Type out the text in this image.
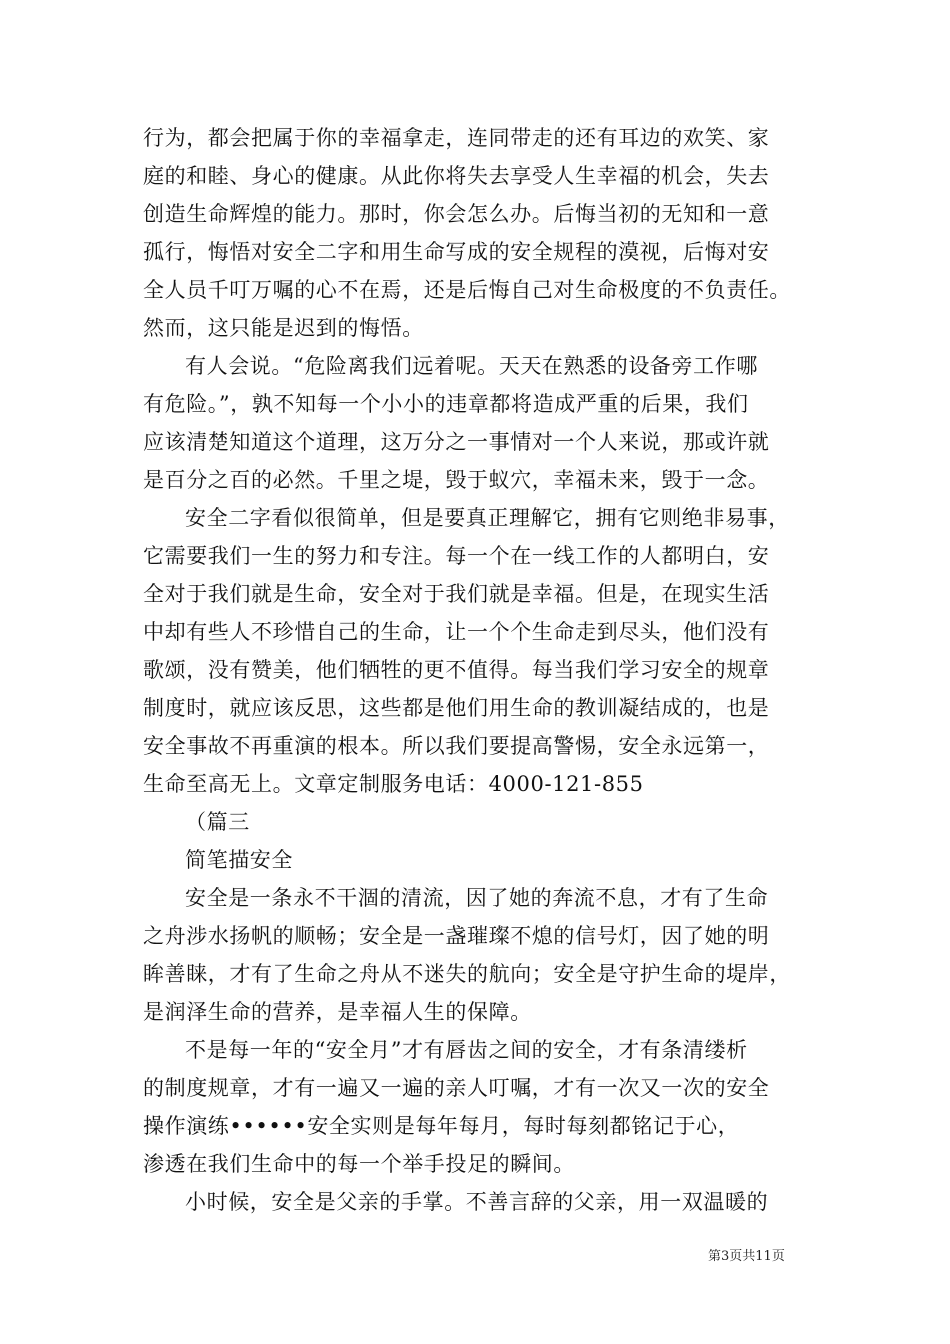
行为，都会把属于你的幸福拿走，连同带走的还有耳边的欢笑、家
庭的和睦、身心的健康。从此你将失去享受人生幸福的机会，失去
创造生命辉煌的能力。那时，你会怎么办。后悔当初的无知和一意
孤行，悔悟对安全二字和用生命写成的安全规程的漠视，后悔对安
全人员千叮万嘱的心不在焉，还是后悔自己对生命极度的不负责任。
然而，这只能是迟到的悔悟。
有人会说。“危险离我们远着呢。天天在熟悉的设备旁工作哪
有危险。”，孰不知每一个小小的违章都将造成严重的后果，我们
应该清楚知道这个道理，这万分之一事情对一个人来说，那或许就
是百分之百的必然。千里之堤，毁于蚁穴，幸福未来，毁于一念。
安全二字看似很简单，但是要真正理解它，拥有它则绝非易事，
它需要我们一生的努力和专注。每一个在一线工作的人都明白，安
全对于我们就是生命，安全对于我们就是幸福。但是，在现实生活
中却有些人不珍惜自己的生命，让一个个生命走到尽头，他们没有
歌颂，没有赞美，他们牺牲的更不值得。每当我们学习安全的规章
制度时，就应该反思，这些都是他们用生命的教训凝结成的，也是
安全事故不再重演的根本。所以我们要提高警惕，安全永远第一，
生命至高无上。文章定制服务电话：4000-121-855
（篇三
简笔描安全
安全是一条永不干涸的清流，因了她的奔流不息，才有了生命
之舟涉水扬帆的顺畅；安全是一盏璀璨不熄的信号灯，因了她的明
眸善睐，才有了生命之舟从不迷失的航向；安全是守护生命的堤岸，
是润泽生命的营养，是幸福人生的保障。
不是每一年的“安全月”才有唇齿之间的安全，才有条清缕析
的制度规章，才有一遍又一遍的亲人叮嘱，才有一次又一次的安全
操作演练••••••安全实则是每年每月，每时每刻都铭记于心，
渗透在我们生命中的每一个举手投足的瞬间。
小时候，安全是父亲的手掌。不善言辞的父亲，用一双温暖的
第3页共11页
